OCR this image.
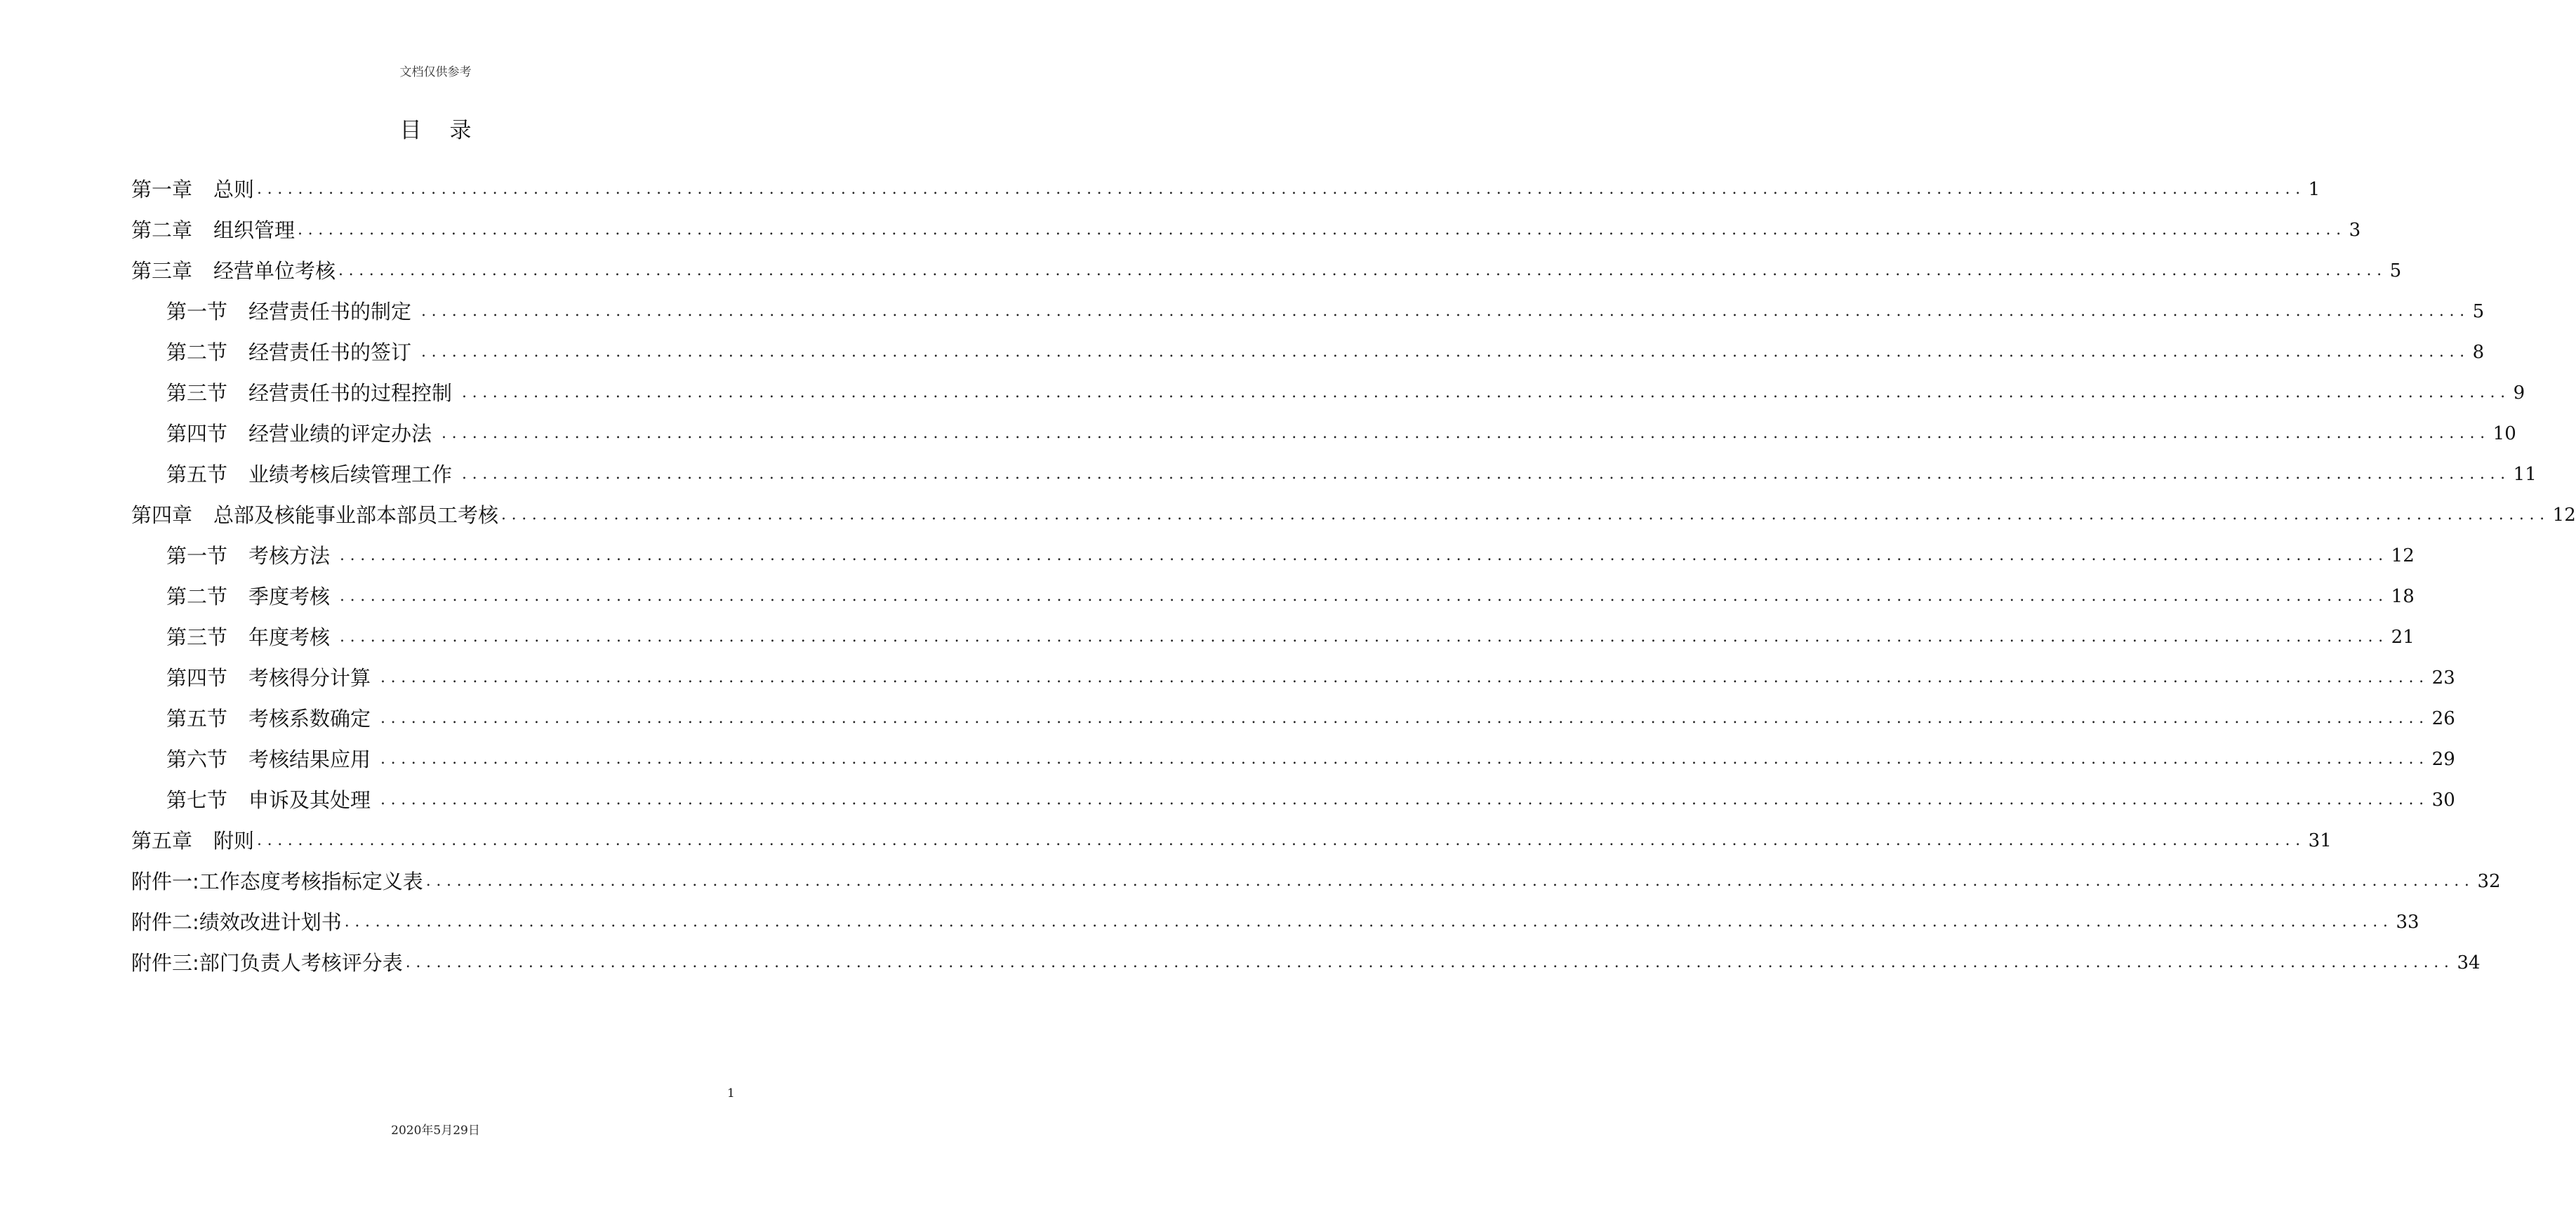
文档仅供参考
目 录
第一章 总则 ........................................................................................................................................................................................................ 1
第二章 组织管理 ........................................................................................................................................................................................................ 3
第三章 经营单位考核 ........................................................................................................................................................................................................ 5
第一节 经营责任书的制定 ........................................................................................................................................................................................................ 5
第二节 经营责任书的签订 ........................................................................................................................................................................................................ 8
第三节 经营责任书的过程控制 ........................................................................................................................................................................................................ 9
第四节 经营业绩的评定办法 ........................................................................................................................................................................................................ 10
第五节 业绩考核后续管理工作 ........................................................................................................................................................................................................ 11
第四章 总部及核能事业部本部员工考核 ........................................................................................................................................................................................................ 12
第一节 考核方法 ........................................................................................................................................................................................................ 12
第二节 季度考核 ........................................................................................................................................................................................................ 18
第三节 年度考核 ........................................................................................................................................................................................................ 21
第四节 考核得分计算 ........................................................................................................................................................................................................ 23
第五节 考核系数确定 ........................................................................................................................................................................................................ 26
第六节 考核结果应用 ........................................................................................................................................................................................................ 29
第七节 申诉及其处理 ........................................................................................................................................................................................................ 30
第五章 附则 ........................................................................................................................................................................................................ 31
附件一:工作态度考核指标定义表 ........................................................................................................................................................................................................ 32
附件二:绩效改进计划书 ........................................................................................................................................................................................................ 33
附件三:部门负责人考核评分表 ........................................................................................................................................................................................................ 34
1
2020年5月29日
